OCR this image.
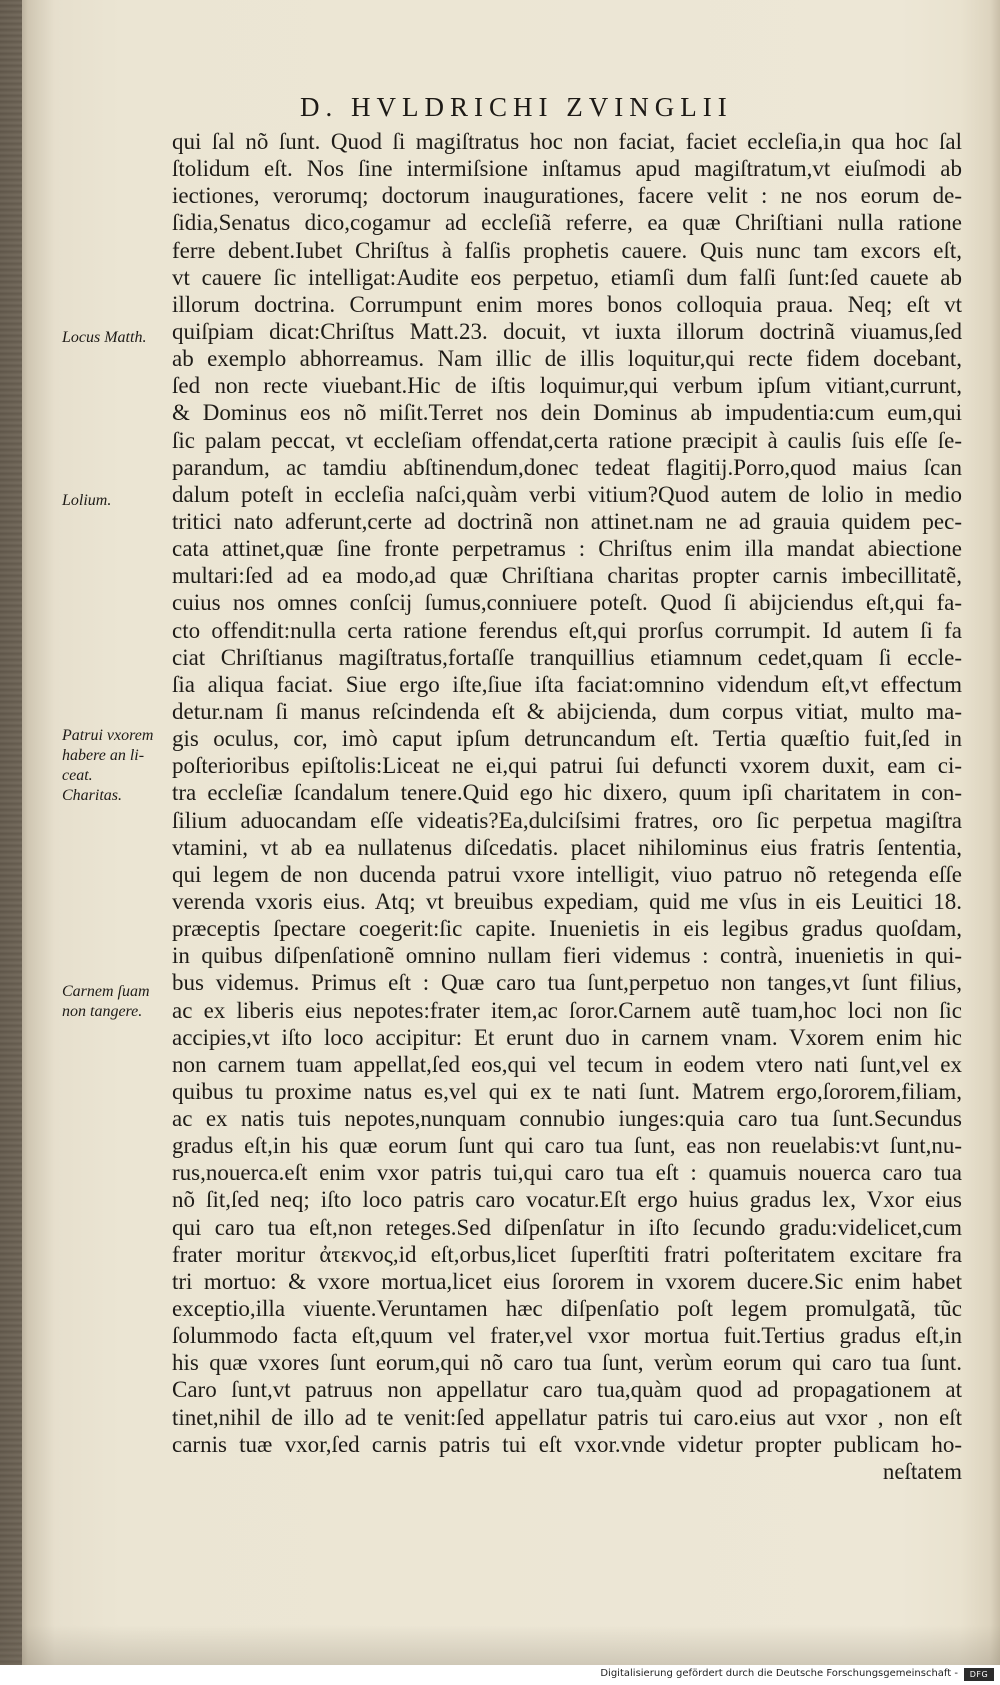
D. HVLDRICHI ZVINGLII
qui ſal nõ ſunt. Quod ſi magiſtratus hoc non faciat, faciet eccleſia,in qua hoc ſal
ſtolidum eſt. Nos ſine intermiſsione inſtamus apud magiſtratum,vt eiuſmodi ab
iectiones, verorumq; doctorum inaugurationes, facere velit : ne nos eorum de-
ſidia,Senatus dico,cogamur ad eccleſiã referre, ea quæ Chriſtiani nulla ratione
ferre debent.Iubet Chriſtus à falſis prophetis cauere. Quis nunc tam excors eſt,
vt cauere ſic intelligat:Audite eos perpetuo, etiamſi dum falſi ſunt:ſed cauete ab
illorum doctrina. Corrumpunt enim mores bonos colloquia praua. Neq; eſt vt
quiſpiam dicat:Chriſtus Matt.23. docuit, vt iuxta illorum doctrinã viuamus,ſed
ab exemplo abhorreamus. Nam illic de illis loquitur,qui recte fidem docebant,
ſed non recte viuebant.Hic de iſtis loquimur,qui verbum ipſum vitiant,currunt,
& Dominus eos nõ miſit.Terret nos dein Dominus ab impudentia:cum eum,qui
ſic palam peccat, vt eccleſiam offendat,certa ratione præcipit à caulis ſuis eſſe ſe-
parandum, ac tamdiu abſtinendum,donec tedeat flagitij.Porro,quod maius ſcan
dalum poteſt in eccleſia naſci,quàm verbi vitium?Quod autem de lolio in medio
tritici nato adferunt,certe ad doctrinã non attinet.nam ne ad grauia quidem pec-
cata attinet,quæ ſine fronte perpetramus : Chriſtus enim illa mandat abiectione
multari:ſed ad ea modo,ad quæ Chriſtiana charitas propter carnis imbecillitatẽ,
cuius nos omnes conſcij ſumus,conniuere poteſt. Quod ſi abijciendus eſt,qui fa-
cto offendit:nulla certa ratione ferendus eſt,qui prorſus corrumpit. Id autem ſi fa
ciat Chriſtianus magiſtratus,fortaſſe tranquillius etiamnum cedet,quam ſi eccle-
ſia aliqua faciat. Siue ergo iſte,ſiue iſta faciat:omnino videndum eſt,vt effectum
detur.nam ſi manus reſcindenda eſt & abijcienda, dum corpus vitiat, multo ma-
gis oculus, cor, imò caput ipſum detruncandum eſt. Tertia quæſtio fuit,ſed in
poſterioribus epiſtolis:Liceat ne ei,qui patrui ſui defuncti vxorem duxit, eam ci-
tra eccleſiæ ſcandalum tenere.Quid ego hic dixero, quum ipſi charitatem in con-
ſilium aduocandam eſſe videatis?Ea,dulciſsimi fratres, oro ſic perpetua magiſtra
vtamini, vt ab ea nullatenus diſcedatis. placet nihilominus eius fratris ſententia,
qui legem de non ducenda patrui vxore intelligit, viuo patruo nõ retegenda eſſe
verenda vxoris eius. Atq; vt breuibus expediam, quid me vſus in eis Leuitici 18.
præceptis ſpectare coegerit:ſic capite. Inuenietis in eis legibus gradus quoſdam,
in quibus diſpenſationẽ omnino nullam fieri videmus : contrà, inuenietis in qui-
bus videmus. Primus eſt : Quæ caro tua ſunt,perpetuo non tanges,vt ſunt filius,
ac ex liberis eius nepotes:frater item,ac ſoror.Carnem autẽ tuam,hoc loci non ſic
accipies,vt iſto loco accipitur: Et erunt duo in carnem vnam. Vxorem enim hic
non carnem tuam appellat,ſed eos,qui vel tecum in eodem vtero nati ſunt,vel ex
quibus tu proxime natus es,vel qui ex te nati ſunt. Matrem ergo,ſororem,filiam,
ac ex natis tuis nepotes,nunquam connubio iunges:quia caro tua ſunt.Secundus
gradus eſt,in his quæ eorum ſunt qui caro tua ſunt, eas non reuelabis:vt ſunt,nu-
rus,nouerca.eſt enim vxor patris tui,qui caro tua eſt : quamuis nouerca caro tua
nõ ſit,ſed neq; iſto loco patris caro vocatur.Eſt ergo huius gradus lex, Vxor eius
qui caro tua eſt,non reteges.Sed diſpenſatur in iſto ſecundo gradu:videlicet,cum
frater moritur ἀτεκνος,id eſt,orbus,licet ſuperſtiti fratri poſteritatem excitare fra
tri mortuo: & vxore mortua,licet eius ſororem in vxorem ducere.Sic enim habet
exceptio,illa viuente.Veruntamen hæc diſpenſatio poſt legem promulgatã, tũc
ſolummodo facta eſt,quum vel frater,vel vxor mortua fuit.Tertius gradus eſt,in
his quæ vxores ſunt eorum,qui nõ caro tua ſunt, verùm eorum qui caro tua ſunt.
Caro ſunt,vt patruus non appellatur caro tua,quàm quod ad propagationem at
tinet,nihil de illo ad te venit:ſed appellatur patris tui caro.eius aut vxor , non eſt
carnis tuæ vxor,ſed carnis patris tui eſt vxor.vnde videtur propter publicam ho-
neſtatem
Locus Matth.
Lolium.
Patrui vxorem
habere an li-
ceat.
Charitas.
Carnem ſuam
non tangere.
Digitalisierung gefördert durch die Deutsche Forschungsgemeinschaft -	DFG
